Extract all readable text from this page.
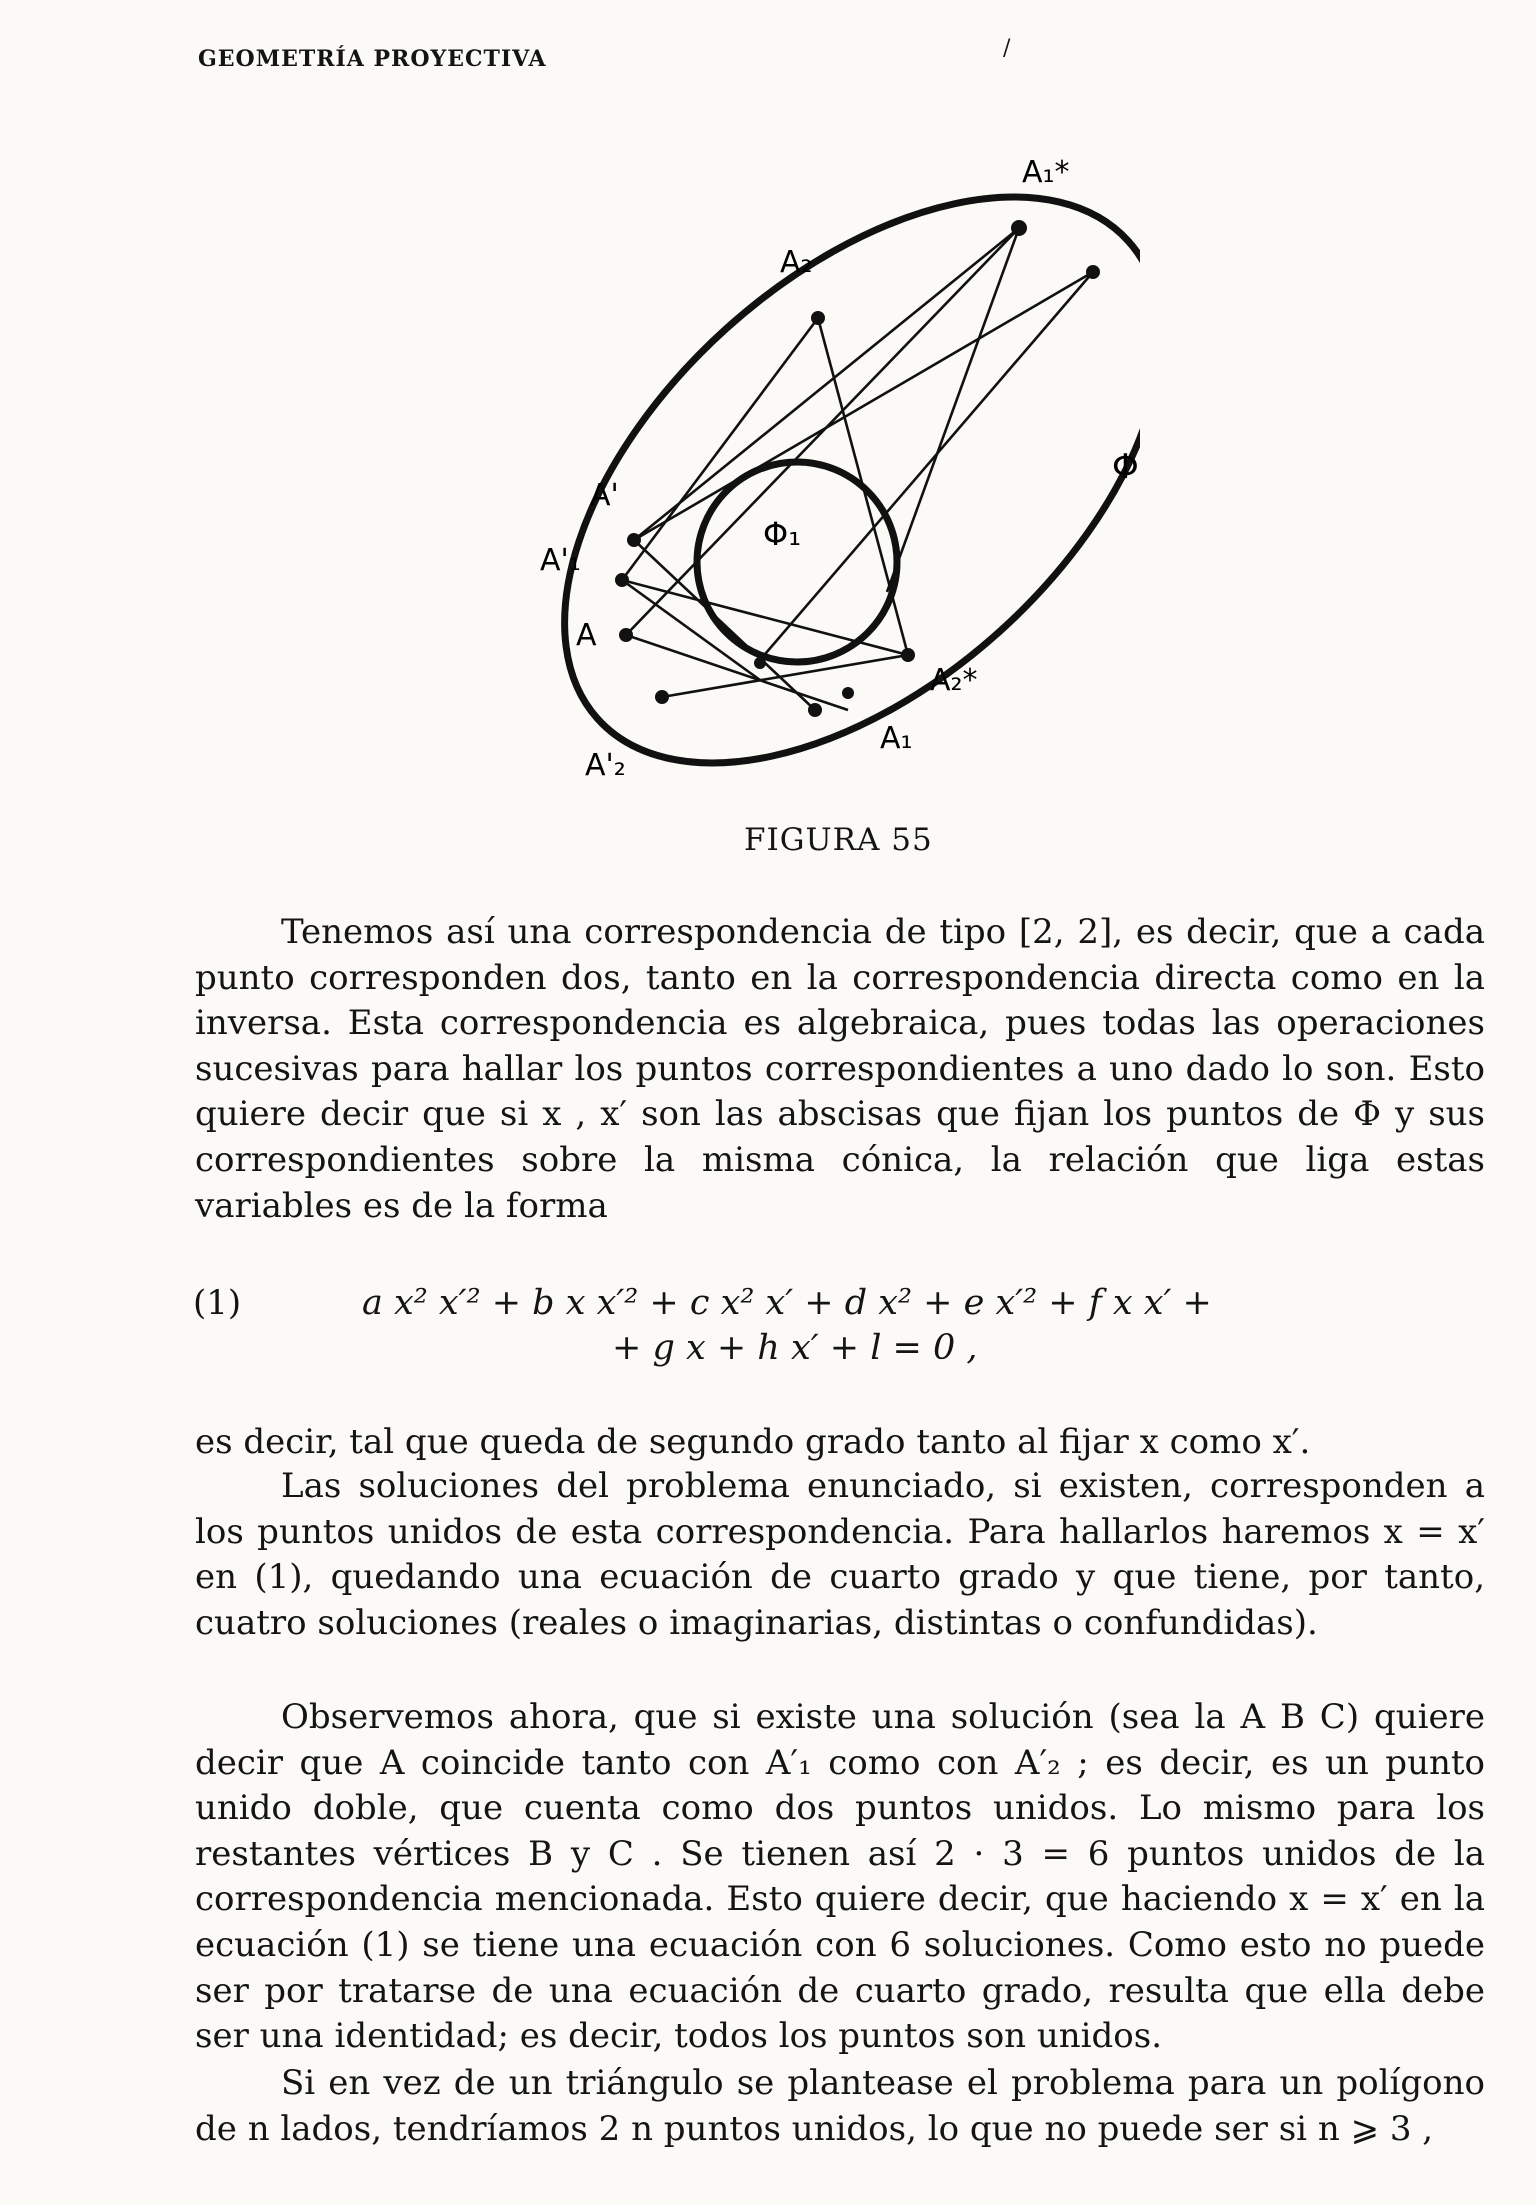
GEOMETRÍA PROYECTIVA	/
A₁*
A₂
Φ
A'
Φ₁
A'₁
A
A₂*
A'₂
A₁
FIGURA 55

Tenemos así una correspondencia de tipo [2, 2], es decir, que a cada punto corresponden dos, tanto en la correspondencia directa como en la inversa. Esta correspondencia es algebraica, pues todas las operaciones sucesivas para hallar los puntos correspondientes a uno dado lo son. Esto quiere decir que si x , x′ son las abscisas que fijan los puntos de Φ y sus correspondientes sobre la misma cónica, la relación que liga estas variables es de la forma

(1)	a x² x′² + b x x′² + c x² x′ + d x² + e x′² + f x x′ +
+ g x + h x′ + l = 0 ,

es decir, tal que queda de segundo grado tanto al fijar x como x′.

Las soluciones del problema enunciado, si existen, corresponden a los puntos unidos de esta correspondencia. Para hallarlos haremos x = x′ en (1), quedando una ecuación de cuarto grado y que tiene, por tanto, cuatro soluciones (reales o imaginarias, distintas o confundidas).

Observemos ahora, que si existe una solución (sea la A B C) quiere decir que A coincide tanto con A′₁ como con A′₂ ; es decir, es un punto unido doble, que cuenta como dos puntos unidos. Lo mismo para los restantes vértices B y C . Se tienen así 2 · 3 = 6 puntos unidos de la correspondencia mencionada. Esto quiere decir, que haciendo x = x′ en la ecuación (1) se tiene una ecuación con 6 soluciones. Como esto no puede ser por tratarse de una ecuación de cuarto grado, resulta que ella debe ser una identidad; es decir, todos los puntos son unidos.

Si en vez de un triángulo se plantease el problema para un polígono de n lados, tendríamos 2 n puntos unidos, lo que no puede ser si n ⩾ 3 ,
